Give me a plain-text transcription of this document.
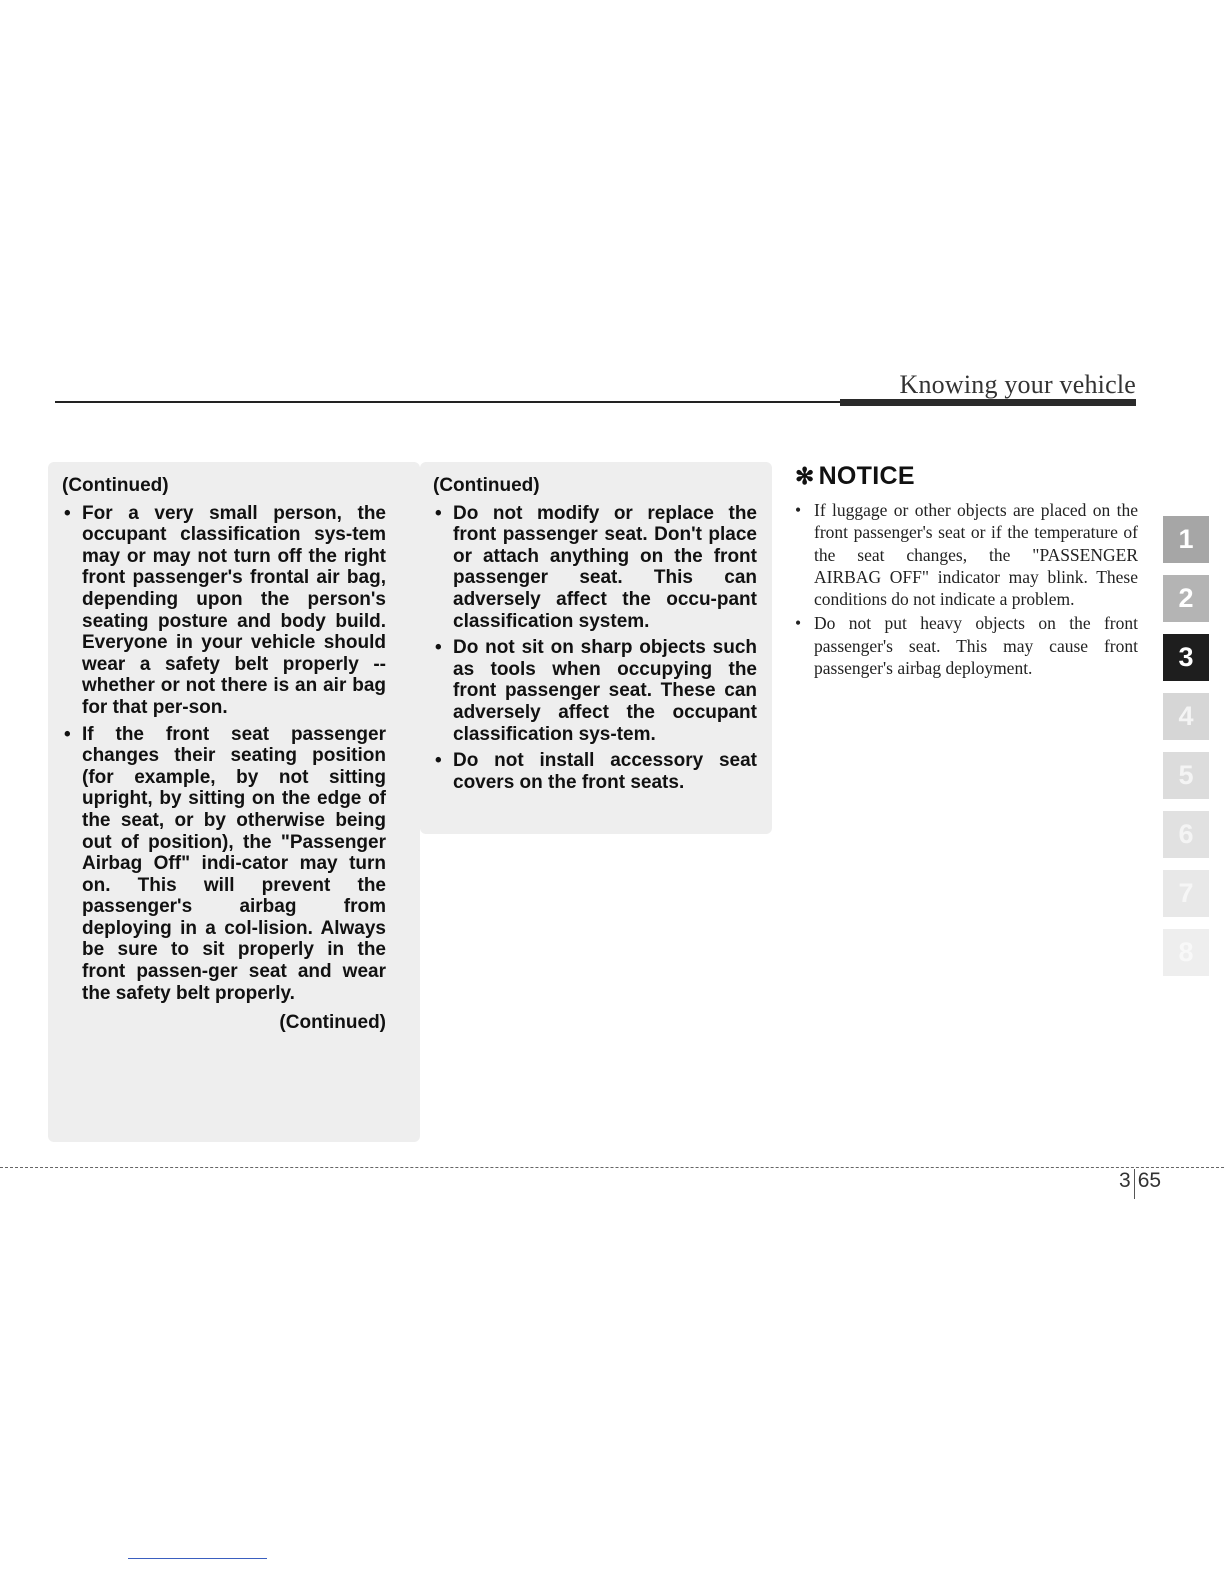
Knowing your vehicle

(Continued)

• For a very small person, the occupant classification sys-tem may or may not turn off the right front passenger's frontal air bag, depending upon the person's seating posture and body build. Everyone in your vehicle should wear a safety belt properly -- whether or not there is an air bag for that per-son.
• If the front seat passenger changes their seating position (for example, by not sitting upright, by sitting on the edge of the seat, or by otherwise being out of position), the "Passenger Airbag Off" indi-cator may turn on. This will prevent the passenger's airbag from deploying in a col-lision. Always be sure to sit properly in the front passen-ger seat and wear the safety belt properly.

(Continued)

(Continued)

• Do not modify or replace the front passenger seat. Don't place or attach anything on the front passenger seat. This can adversely affect the occu-pant classification system.
• Do not sit on sharp objects such as tools when occupying the front passenger seat. These can adversely affect the occupant classification sys-tem.
• Do not install accessory seat covers on the front seats.

✻ NOTICE

• If luggage or other objects are placed on the front passenger's seat or if the temperature of the seat changes, the "PASSENGER AIRBAG OFF" indicator may blink. These conditions do not indicate a problem.
• Do not put heavy objects on the front passenger's seat. This may cause front passenger's airbag deployment.
1
2
3
4
5
6
7
8
3 65
